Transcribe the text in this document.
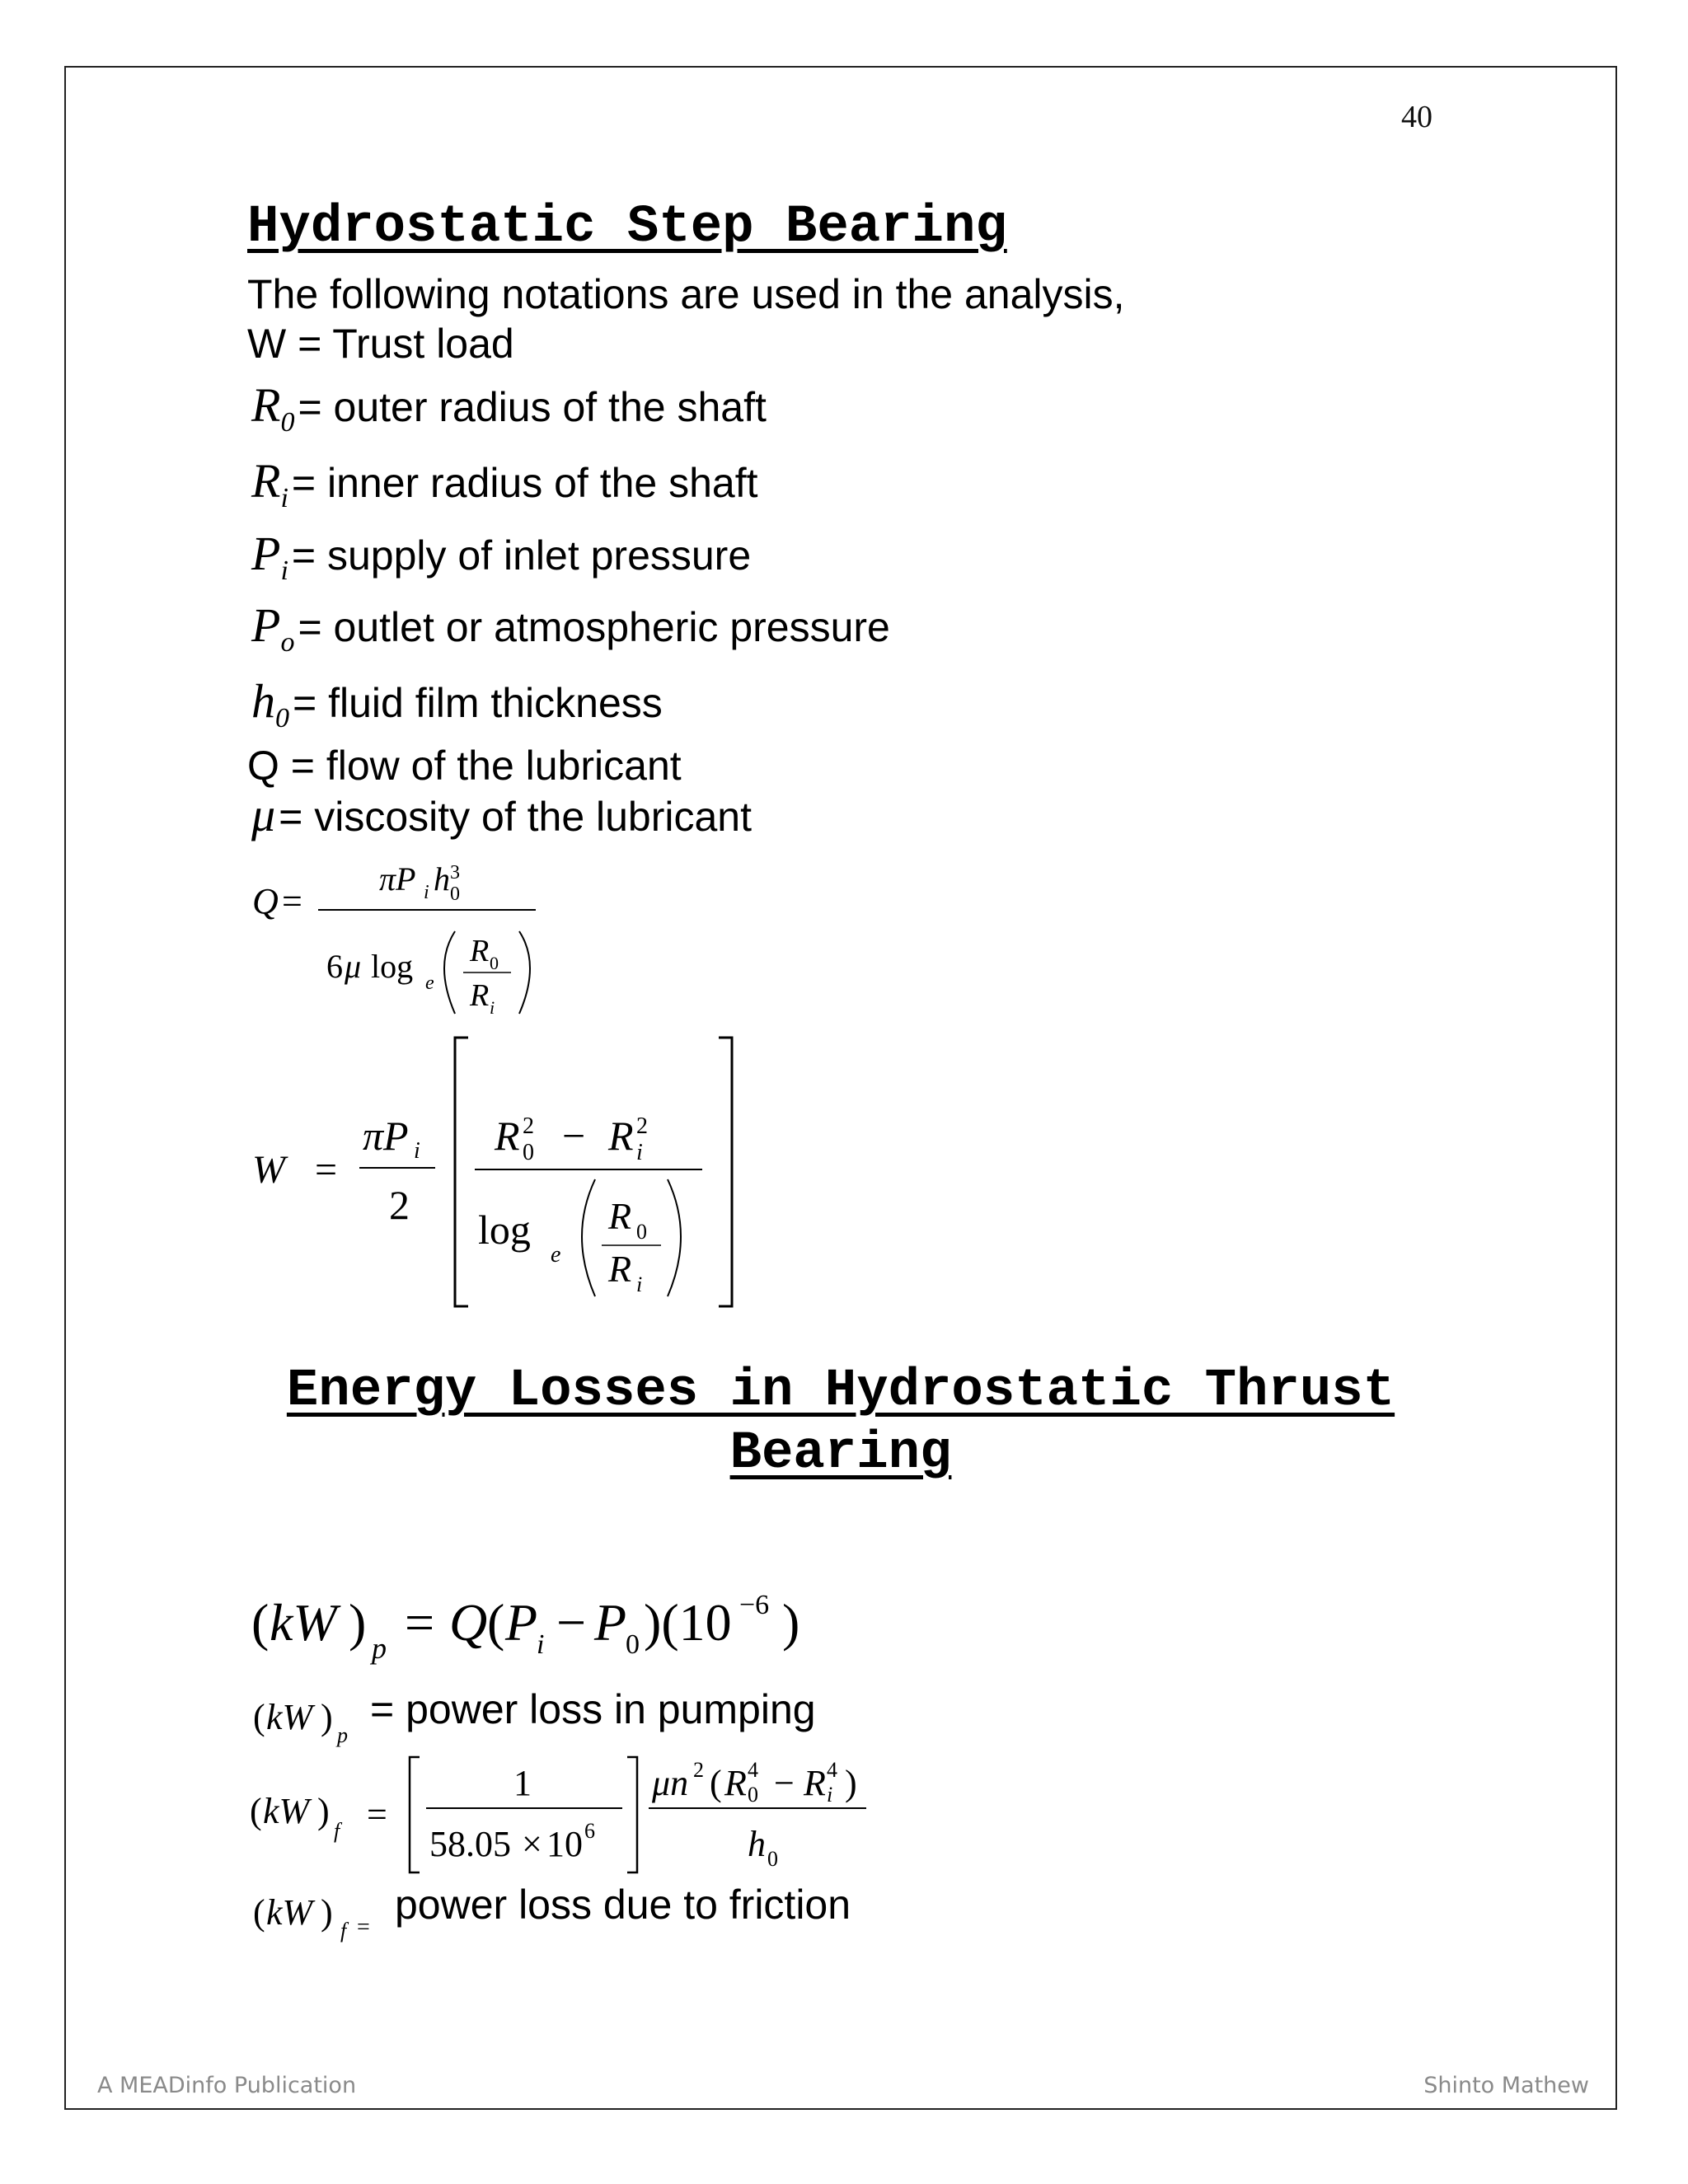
40
Hydrostatic Step Bearing
The following notations are used in the analysis,
W = Trust load
R0 = outer radius of the shaft
Ri = inner radius of the shaft
Pi = supply of inlet pressure
Po = outlet or atmospheric pressure
h0 = fluid film thickness
Q = flow of the lubricant
μ = viscosity of the lubricant
Q =
πP i h 3
0
6 μ log e
R 0
R i
W =
πP i
2
R 2
0 − R 2
i
log
e
R 0
R i
Energy Losses in Hydrostatic Thrust
Bearing
( kW ) p = Q ( P
i − P
0 )(10 −6 )
( kW ) p
= power loss in pumping
( kW ) f =
1
58.05 × 10 6
μn 2 ( R 4
0 − R 4
i )
h 0
( kW ) f = power loss due to friction
A MEADinfo Publication	Shinto Mathew
